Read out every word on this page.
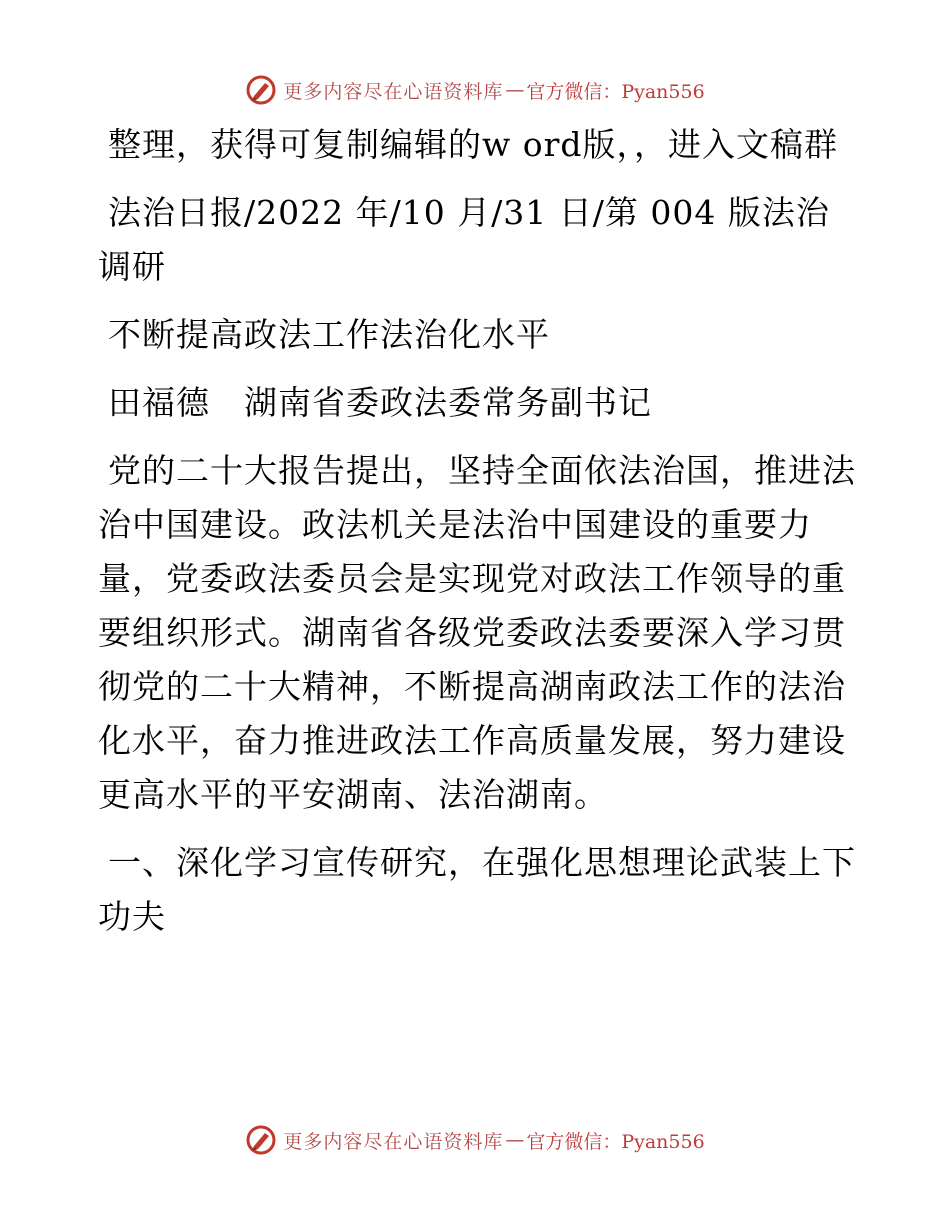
更多内容尽在心语资料库 — 官方微信：Pyan556

整理，获得可复制编辑的w ord版，，进入文稿群

法治日报/2022 年/10 月/31 日/第 004 版法治调研

不断提高政法工作法治化水平

田福德　湖南省委政法委常务副书记

党的二十大报告提出，坚持全面依法治国，推进法治中国建设。政法机关是法治中国建设的重要力量，党委政法委员会是实现党对政法工作领导的重要组织形式。湖南省各级党委政法委要深入学习贯彻党的二十大精神，不断提高湖南政法工作的法治化水平，奋力推进政法工作高质量发展，努力建设更高水平的平安湖南、法治湖南。

一、深化学习宣传研究，在强化思想理论武装上下功夫

更多内容尽在心语资料库 — 官方微信：Pyan556
